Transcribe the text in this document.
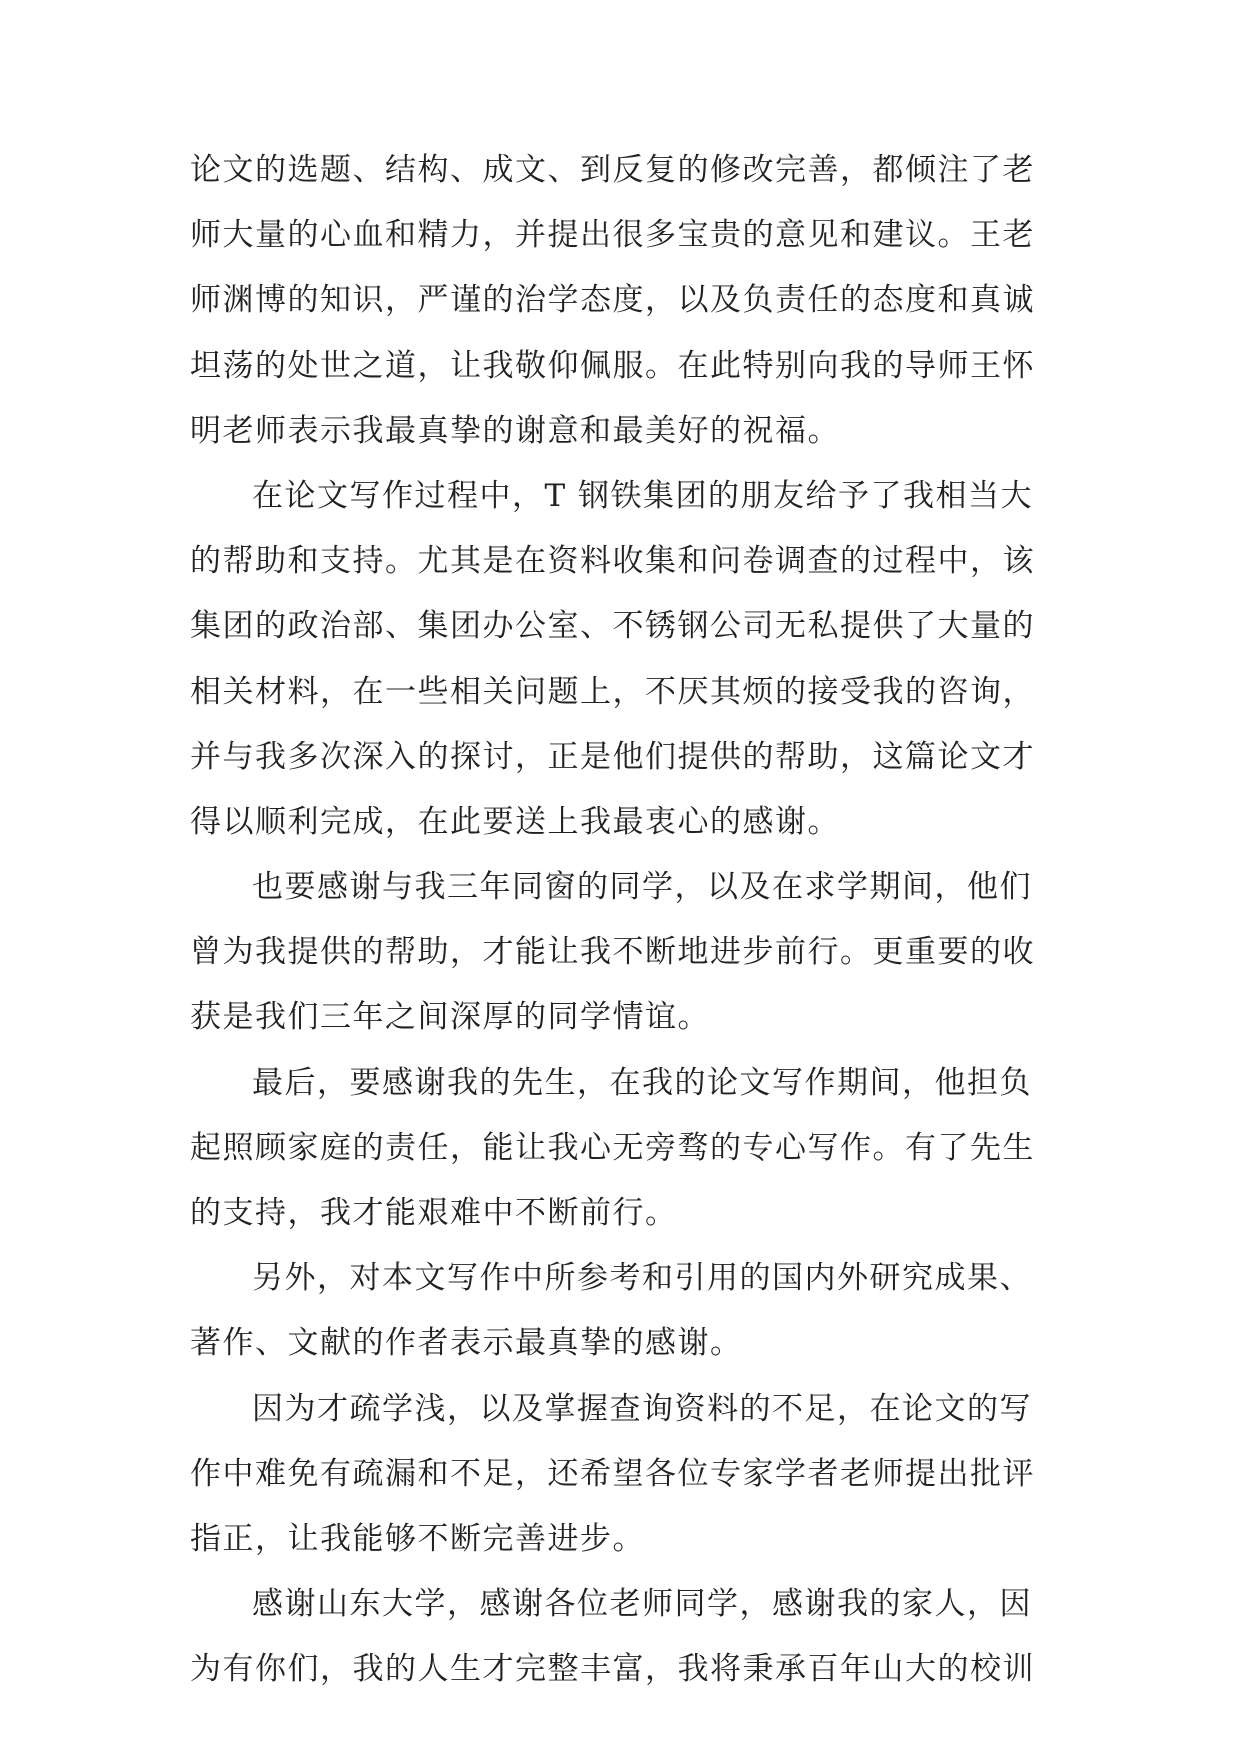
论文的选题、结构、成文、到反复的修改完善，都倾注了老
师大量的心血和精力，并提出很多宝贵的意见和建议。王老
师渊博的知识，严谨的治学态度，以及负责任的态度和真诚
坦荡的处世之道，让我敬仰佩服。在此特别向我的导师王怀
明老师表示我最真挚的谢意和最美好的祝福。
在论文写作过程中，T 钢铁集团的朋友给予了我相当大
的帮助和支持。尤其是在资料收集和问卷调查的过程中，该
集团的政治部、集团办公室、不锈钢公司无私提供了大量的
相关材料，在一些相关问题上，不厌其烦的接受我的咨询，
并与我多次深入的探讨，正是他们提供的帮助，这篇论文才
得以顺利完成，在此要送上我最衷心的感谢。
也要感谢与我三年同窗的同学，以及在求学期间，他们
曾为我提供的帮助，才能让我不断地进步前行。更重要的收
获是我们三年之间深厚的同学情谊。
最后，要感谢我的先生，在我的论文写作期间，他担负
起照顾家庭的责任，能让我心无旁骛的专心写作。有了先生
的支持，我才能艰难中不断前行。
另外，对本文写作中所参考和引用的国内外研究成果、
著作、文献的作者表示最真挚的感谢。
因为才疏学浅，以及掌握查询资料的不足，在论文的写
作中难免有疏漏和不足，还希望各位专家学者老师提出批评
指正，让我能够不断完善进步。
感谢山东大学，感谢各位老师同学，感谢我的家人，因
为有你们，我的人生才完整丰富，我将秉承百年山大的校训
